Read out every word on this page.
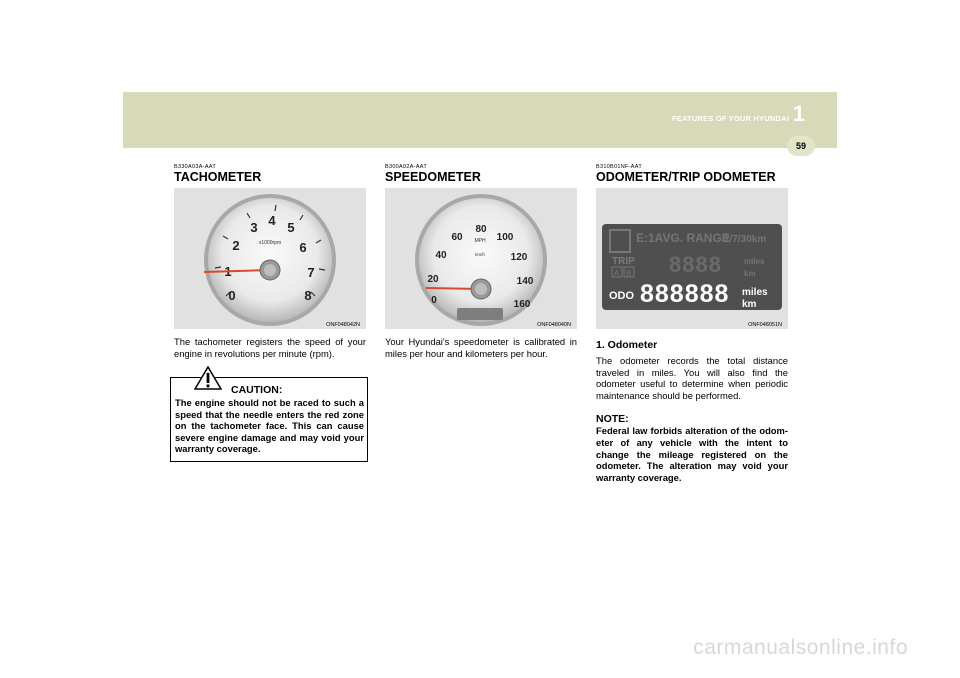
1
FEATURES OF YOUR HYUNDAI
59
B330A03A-AAT
TACHOMETER
0
2
3 4 5
6
7
8
x1000rpm
ONF048042N
The tachometer registers the speed of your engine in revolutions per minute (rpm).
CAUTION:
The engine should not be raced to such a speed that the needle enters the red zone on the tachometer face. This can cause severe engine damage and may void your warranty coverage.
B300A02A-AAT
SPEEDOMETER
0
20
40
60
80
100
120
140
160
MPH
km/h
ONF048040N
Your Hyundai's speedometer is calibrated in miles per hour and kilometers per hour.
B310B01NF-AAT
ODOMETER/TRIP ODOMETER
E:1AVG. RANGE
2/7/30km
TRIP
A B 8888	miles
km
ODO 888888 miles
km
ONF048051N
1. Odometer
The odometer records the total distance traveled in miles. You will also find the odometer useful to determine when periodic maintenance should be performed.
NOTE:
Federal law forbids alteration of the odom-eter of any vehicle with the intent to change the mileage registered on the odometer. The alteration may void your warranty coverage.
carmanualsonline.info
